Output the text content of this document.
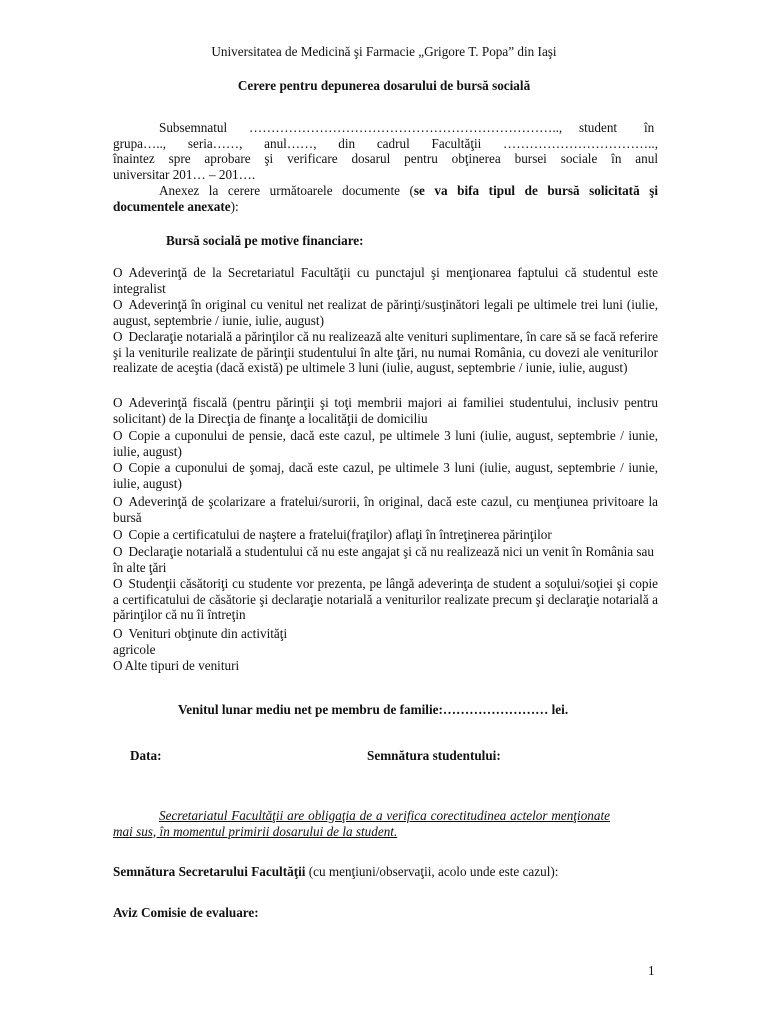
Universitatea de Medicină şi Farmacie „Grigore T. Popa” din Iaşi
Cerere pentru depunerea dosarului de bursă socială
Subsemnatul …………………………………………………………….., student în
grupa….., seria……, anul……, din cadrul Facultăţii ……………………………..,
înaintez spre aprobare şi verificare dosarul pentru obţinerea bursei sociale în anul
universitar 201… – 201….
Anexez la cerere următoarele documente (se va bifa tipul de bursă solicitată şi
documentele anexate):
Bursă socială pe motive financiare:
O Adeverinţă de la Secretariatul Facultăţii cu punctajul şi menţionarea faptului că studentul este integralist
O Adeverinţă în original cu venitul net realizat de părinţi/susţinători legali pe ultimele trei luni (iulie, august, septembrie / iunie, iulie, august)
O Declaraţie notarială a părinţilor că nu realizează alte venituri suplimentare, în care să se facă referire şi la veniturile realizate de părinţii studentului în alte ţări, nu numai România, cu dovezi ale veniturilor realizate de aceştia (dacă există) pe ultimele 3 luni (iulie, august, septembrie / iunie, iulie, august)
O Adeverinţă fiscală (pentru părinţii şi toţi membrii majori ai familiei studentului, inclusiv pentru solicitant) de la Direcţia de finanţe a localităţii de domiciliu
O Copie a cuponului de pensie, dacă este cazul, pe ultimele 3 luni (iulie, august, septembrie / iunie, iulie, august)
O Copie a cuponului de şomaj, dacă este cazul, pe ultimele 3 luni (iulie, august, septembrie / iunie, iulie, august)
O Adeverinţă de şcolarizare a fratelui/surorii, în original, dacă este cazul, cu menţiunea privitoare la bursă
O Copie a certificatului de naştere a fratelui(fraţilor) aflaţi în întreţinerea părinţilor
O Declaraţie notarială a studentului că nu este angajat şi că nu realizează nici un venit în România sau în alte ţări
O Studenţii căsătoriţi cu studente vor prezenta, pe lângă adeverinţa de student a soţului/soţiei şi copie a certificatului de căsătorie şi declaraţie notarială a veniturilor realizate precum şi declaraţie notarială a părinţilor că nu îi întreţin
O Venituri obţinute din activităţi agricole
O Alte tipuri de venituri
Venitul lunar mediu net pe membru de familie:…………………… lei.
Data:	Semnătura studentului:
Secretariatul Facultăţii are obligaţia de a verifica corectitudinea actelor menţionate mai sus, în momentul primirii dosarului de la student.
Semnătura Secretarului Facultăţii (cu menţiuni/observaţii, acolo unde este cazul):
Aviz Comisie de evaluare:
1
